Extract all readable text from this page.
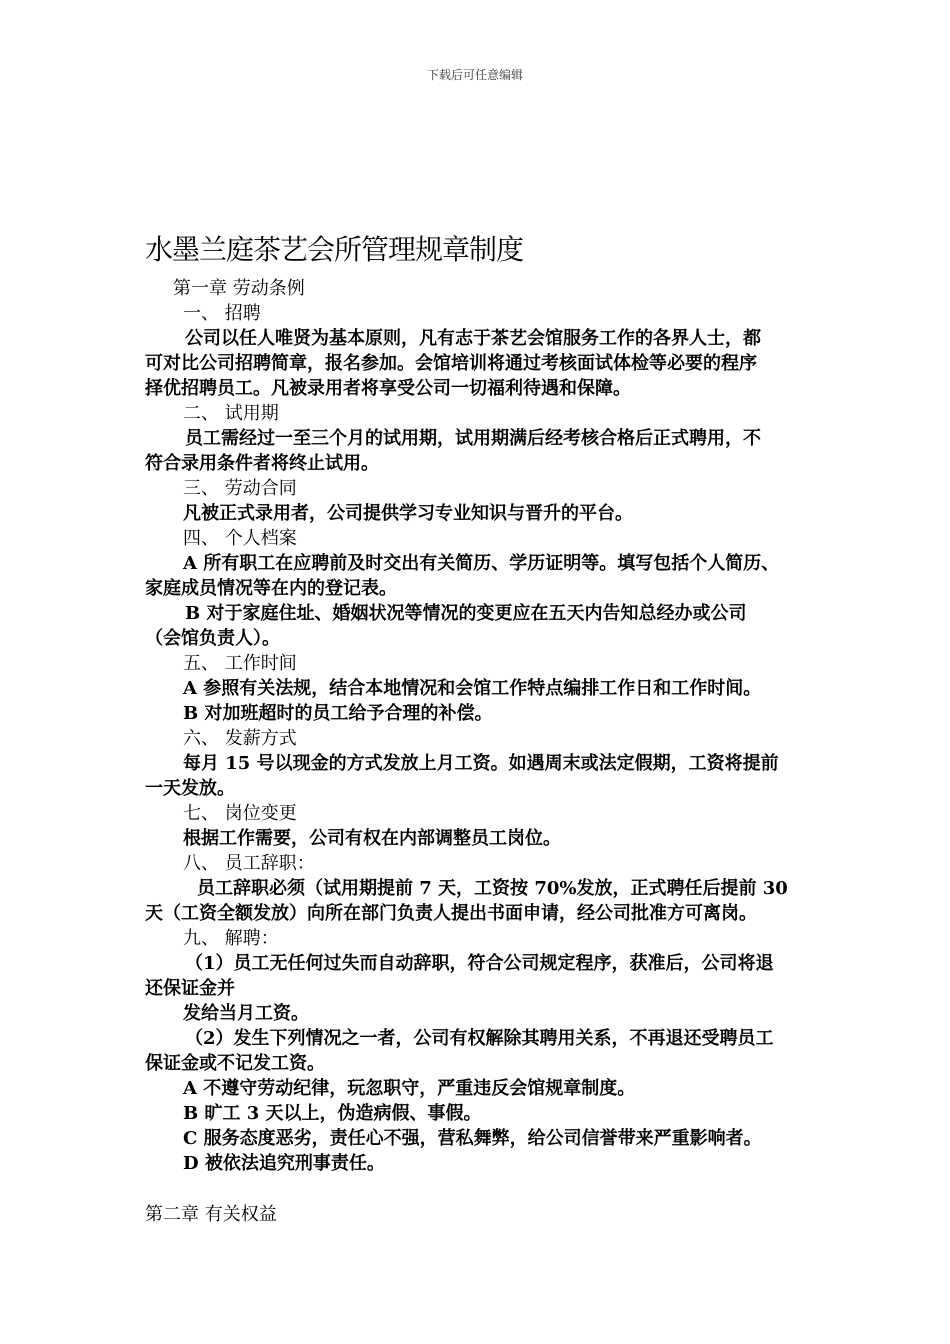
下载后可任意编辑
水墨兰庭茶艺会所管理规章制度
第一章 劳动条例
一、 招聘
公司以任人唯贤为基本原则，凡有志于茶艺会馆服务工作的各界人士，都
可对比公司招聘简章，报名参加。会馆培训将通过考核面试体检等必要的程序
择优招聘员工。凡被录用者将享受公司一切福利待遇和保障。
二、 试用期
员工需经过一至三个月的试用期，试用期满后经考核合格后正式聘用，不
符合录用条件者将终止试用。
三、 劳动合同
凡被正式录用者，公司提供学习专业知识与晋升的平台。
四、 个人档案
A 所有职工在应聘前及时交出有关简历、学历证明等。填写包括个人简历、
家庭成员情况等在内的登记表。
B 对于家庭住址、婚姻状况等情况的变更应在五天内告知总经办或公司
（会馆负责人）。
五、 工作时间
A 参照有关法规，结合本地情况和会馆工作特点编排工作日和工作时间。
B 对加班超时的员工给予合理的补偿。
六、 发薪方式
每月 15 号以现金的方式发放上月工资。如遇周末或法定假期，工资将提前
一天发放。
七、 岗位变更
根据工作需要，公司有权在内部调整员工岗位。
八、 员工辞职：
员工辞职必须（试用期提前 7 天，工资按 70%发放，正式聘任后提前 30
天（工资全额发放）向所在部门负责人提出书面申请，经公司批准方可离岗。
九、 解聘：
（1）员工无任何过失而自动辞职，符合公司规定程序，获准后，公司将退
还保证金并
发给当月工资。
（2）发生下列情况之一者，公司有权解除其聘用关系，不再退还受聘员工
保证金或不记发工资。
A 不遵守劳动纪律，玩忽职守，严重违反会馆规章制度。
B 旷工 3 天以上，伪造病假、事假。
C 服务态度恶劣，责任心不强，营私舞弊，给公司信誉带来严重影响者。
D 被依法追究刑事责任。
第二章 有关权益
